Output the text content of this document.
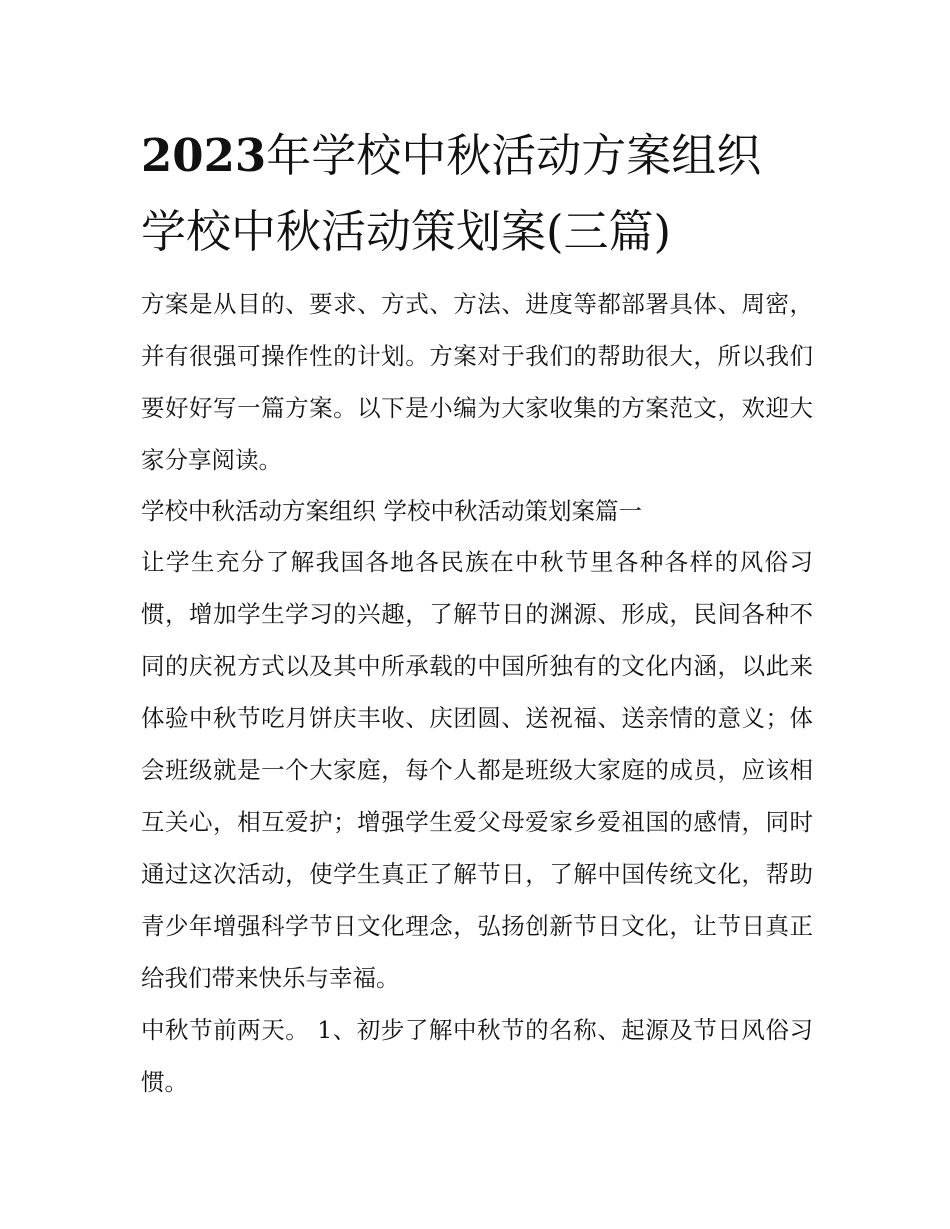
2023年学校中秋活动方案组织
学校中秋活动策划案(三篇)

方案是从目的、要求、方式、方法、进度等都部署具体、周密，并有很强可操作性的计划。方案对于我们的帮助很大，所以我们要好好写一篇方案。以下是小编为大家收集的方案范文，欢迎大家分享阅读。

学校中秋活动方案组织 学校中秋活动策划案篇一

让学生充分了解我国各地各民族在中秋节里各种各样的风俗习惯，增加学生学习的兴趣，了解节日的渊源、形成，民间各种不同的庆祝方式以及其中所承载的中国所独有的文化内涵，以此来体验中秋节吃月饼庆丰收、庆团圆、送祝福、送亲情的意义；体会班级就是一个大家庭，每个人都是班级大家庭的成员，应该相互关心，相互爱护；增强学生爱父母爱家乡爱祖国的感情，同时通过这次活动，使学生真正了解节日，了解中国传统文化，帮助青少年增强科学节日文化理念，弘扬创新节日文化，让节日真正给我们带来快乐与幸福。

中秋节前两天。 1、初步了解中秋节的名称、起源及节日风俗习惯。
